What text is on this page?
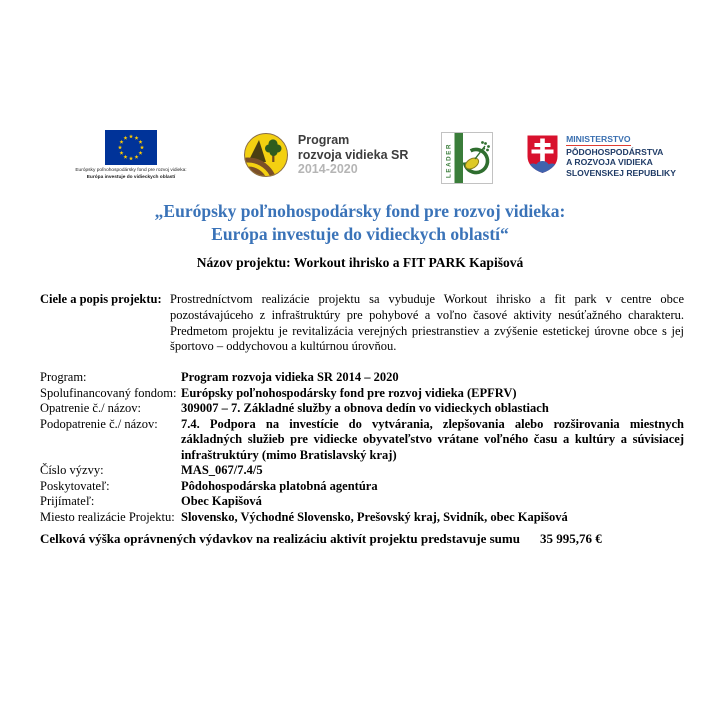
Európsky poľnohospodársky fond pre rozvoj vidieka:
Európa investuje do vidieckych oblastí
Program
rozvoja vidieka SR
2014-2020	LEADER
MINISTERSTVO
PÔDOHOSPODÁRSTVA
A ROZVOJA VIDIEKA
SLOVENSKEJ REPUBLIKY
„Európsky poľnohospodársky fond pre rozvoj vidieka:
Európa investuje do vidieckych oblastí“
Názov projektu: Workout ihrisko a FIT PARK Kapišová
Ciele a popis projektu: Prostredníctvom realizácie projektu sa vybuduje Workout ihrisko a fit park v centre obce pozostávajúceho z infraštruktúry pre pohybové a voľno časové aktivity nesúťažného charakteru. Predmetom projektu je revitalizácia verejných priestranstiev a zvýšenie estetickej úrovne obce s jej športovo – oddychovou a kultúrnou úrovňou.
Program:	Program rozvoja vidieka SR 2014 – 2020
Spolufinancovaný fondom: Európsky poľnohospodársky fond pre rozvoj vidieka (EPFRV)
Opatrenie č./ názov:	309007 – 7. Základné služby a obnova dedín vo vidieckych oblastiach
Podopatrenie č./ názov:	7.4. Podpora na investície do vytvárania, zlepšovania alebo rozširovania miestnych základných služieb pre vidiecke obyvateľstvo vrátane voľného času a kultúry a súvisiacej infraštruktúry (mimo Bratislavský kraj)
Číslo výzvy:	MAS_067/7.4/5
Poskytovateľ:	Pôdohospodárska platobná agentúra
Prijímateľ:	Obec Kapišová
Miesto realizácie Projektu: Slovensko, Východné Slovensko, Prešovský kraj, Svidník, obec Kapišová
Celková výška oprávnených výdavkov na realizáciu aktivít projektu predstavuje sumu 35 995,76 €
